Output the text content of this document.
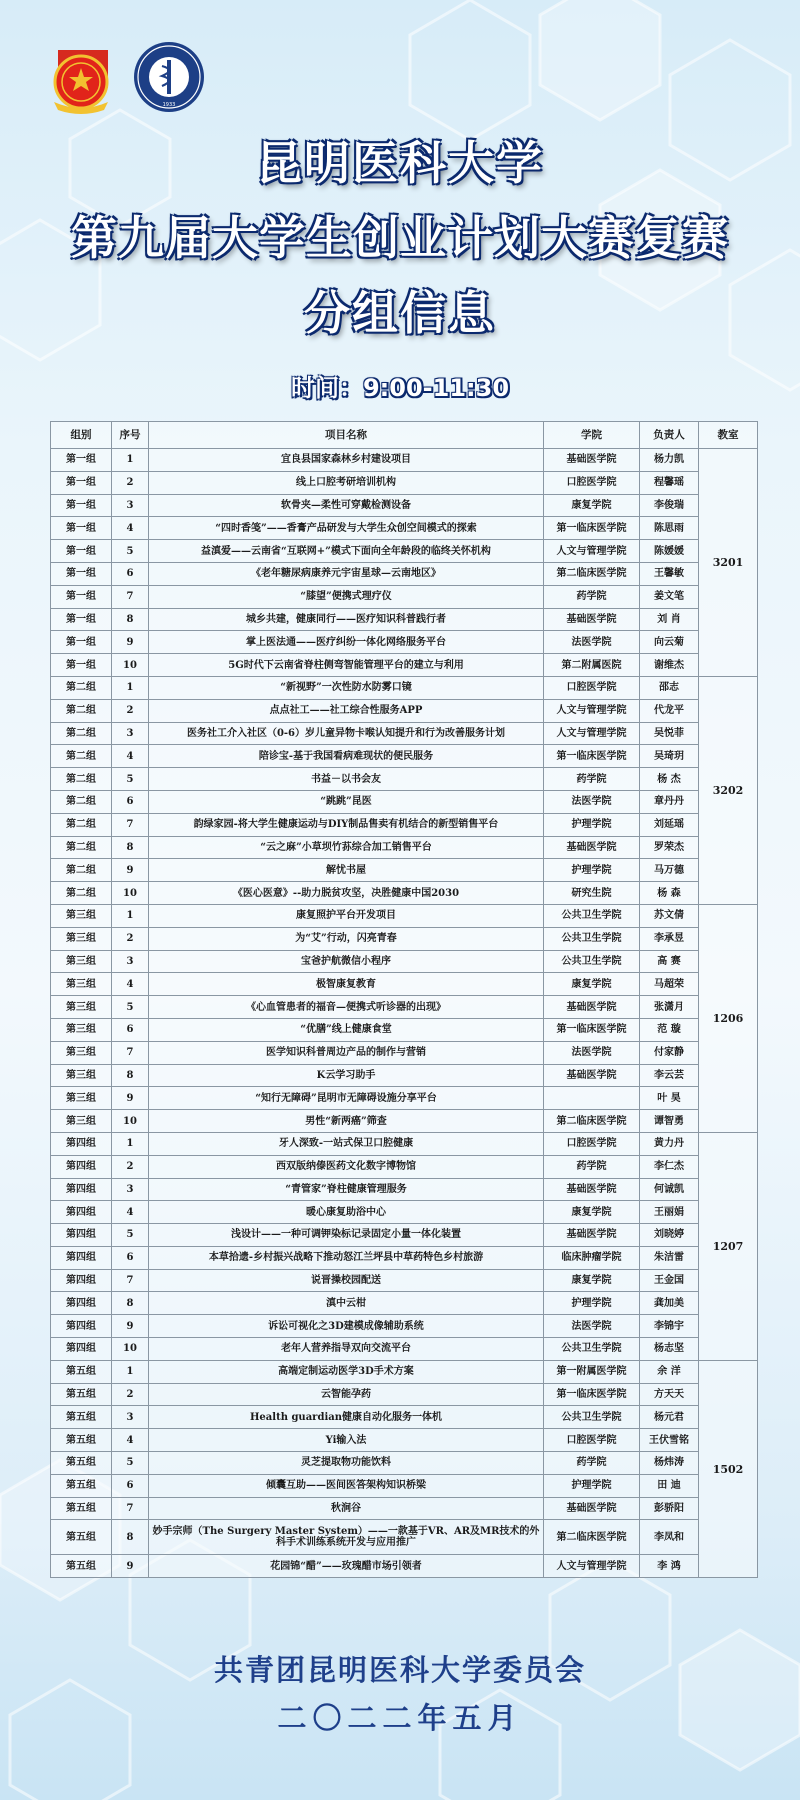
1933
昆明医科大学
第九届大学生创业计划大赛复赛
分组信息
时间：9:00-11:30
组别	序号	项目名称	学院	负责人	教室
第一组	1	宜良县国家森林乡村建设项目	基础医学院	杨力凯	3201
第一组	2	线上口腔考研培训机构	口腔医学院	程馨瑶	
第一组	3	软骨夹—柔性可穿戴检测设备	康复学院	李俊瑞	
第一组	4	“四时香笺”——香膏产品研发与大学生众创空间模式的探索	第一临床医学院	陈思雨	
第一组	5	益滇爱——云南省“互联网+”模式下面向全年龄段的临终关怀机构	人文与管理学院	陈媛媛	
第一组	6	《老年糖尿病康养元宇宙星球—云南地区》	第二临床医学院	王馨敏	
第一组	7	“膝望”便携式理疗仪	药学院	姜文笔	
第一组	8	城乡共建，健康同行——医疗知识科普践行者	基础医学院	刘 肖	
第一组	9	掌上医法通——医疗纠纷一体化网络服务平台	法医学院	向云菊	
第一组	10	5G时代下云南省脊柱侧弯智能管理平台的建立与利用	第二附属医院	谢维杰	
第二组	1	“新视野”一次性防水防雾口镜	口腔医学院	邵志	3202
第二组	2	点点社工——社工综合性服务APP	人文与管理学院	代龙平	
第二组	3	医务社工介入社区（0-6）岁儿童异物卡喉认知提升和行为改善服务计划	人文与管理学院	吴悦菲	
第二组	4	陪诊宝-基于我国看病难现状的便民服务	第一临床医学院	吴琦玥	
第二组	5	书益－以书会友	药学院	杨 杰	
第二组	6	“跳跳”昆医	法医学院	章丹丹	
第二组	7	韵绿家园-将大学生健康运动与DIY制品售卖有机结合的新型销售平台	护理学院	刘延瑶	
第二组	8	“云之麻”小草坝竹荪综合加工销售平台	基础医学院	罗荣杰	
第二组	9	解忧书屋	护理学院	马万德	
第二组	10	《医心医意》--助力脱贫攻坚，决胜健康中国2030	研究生院	杨 森	
第三组	1	康复照护平台开发项目	公共卫生学院	苏文倩	1206
第三组	2	为“艾”行动，闪亮青春	公共卫生学院	李承昱	
第三组	3	宝爸护航微信小程序	公共卫生学院	高 赛	
第三组	4	极智康复教育	康复学院	马超荣	
第三组	5	《心血管患者的福音—便携式听诊器的出现》	基础医学院	张潇月	
第三组	6	“优膳”线上健康食堂	第一临床医学院	范 璇	
第三组	7	医学知识科普周边产品的制作与营销	法医学院	付家静	
第三组	8	K云学习助手	基础医学院	李云芸	
第三组	9	“知行无障碍”昆明市无障碍设施分享平台		叶 昊	
第三组	10	男性“新两癌”筛查	第二临床医学院	谭智勇	
第四组	1	牙人深致-一站式保卫口腔健康	口腔医学院	黄力丹	1207
第四组	2	西双版纳傣医药文化数字博物馆	药学院	李仁杰	
第四组	3	“青管家”脊柱健康管理服务	基础医学院	何诚凯	
第四组	4	暖心康复助浴中心	康复学院	王丽娟	
第四组	5	浅设计——一种可调钾染标记录固定小量一体化装置	基础医学院	刘晓婷	
第四组	6	本草拾遗-乡村振兴战略下推动怒江兰坪县中草药特色乡村旅游	临床肿瘤学院	朱洁雷	
第四组	7	说晋操校园配送	康复学院	王金国	
第四组	8	滇中云柑	护理学院	龚加美	
第四组	9	诉讼可视化之3D建模成像辅助系统	法医学院	李锦宇	
第四组	10	老年人营养指导双向交流平台	公共卫生学院	杨志坚	
第五组	1	高端定制运动医学3D手术方案	第一附属医学院	余 洋	1502
第五组	2	云智能孕药	第一临床医学院	方天天	
第五组	3	Health guardian健康自动化服务一体机	公共卫生学院	杨元君	
第五组	4	Yi输入法	口腔医学院	王伏雪铭	
第五组	5	灵芝提取物功能饮料	药学院	杨炜涛	
第五组	6	倾囊互助——医间医答架构知识桥梁	护理学院	田 迪	
第五组	7	秋涧谷	基础医学院	彭骄阳	
第五组	8	妙手宗师（The Surgery Master System）——一款基于VR、AR及MR技术的外科手术训练系统开发与应用推广	第二临床医学院	李凤和	
第五组	9	花园锦“醋”——玫瑰醋市场引领者	人文与管理学院	李 鸿	
共青团昆明医科大学委员会
二〇二二年五月
